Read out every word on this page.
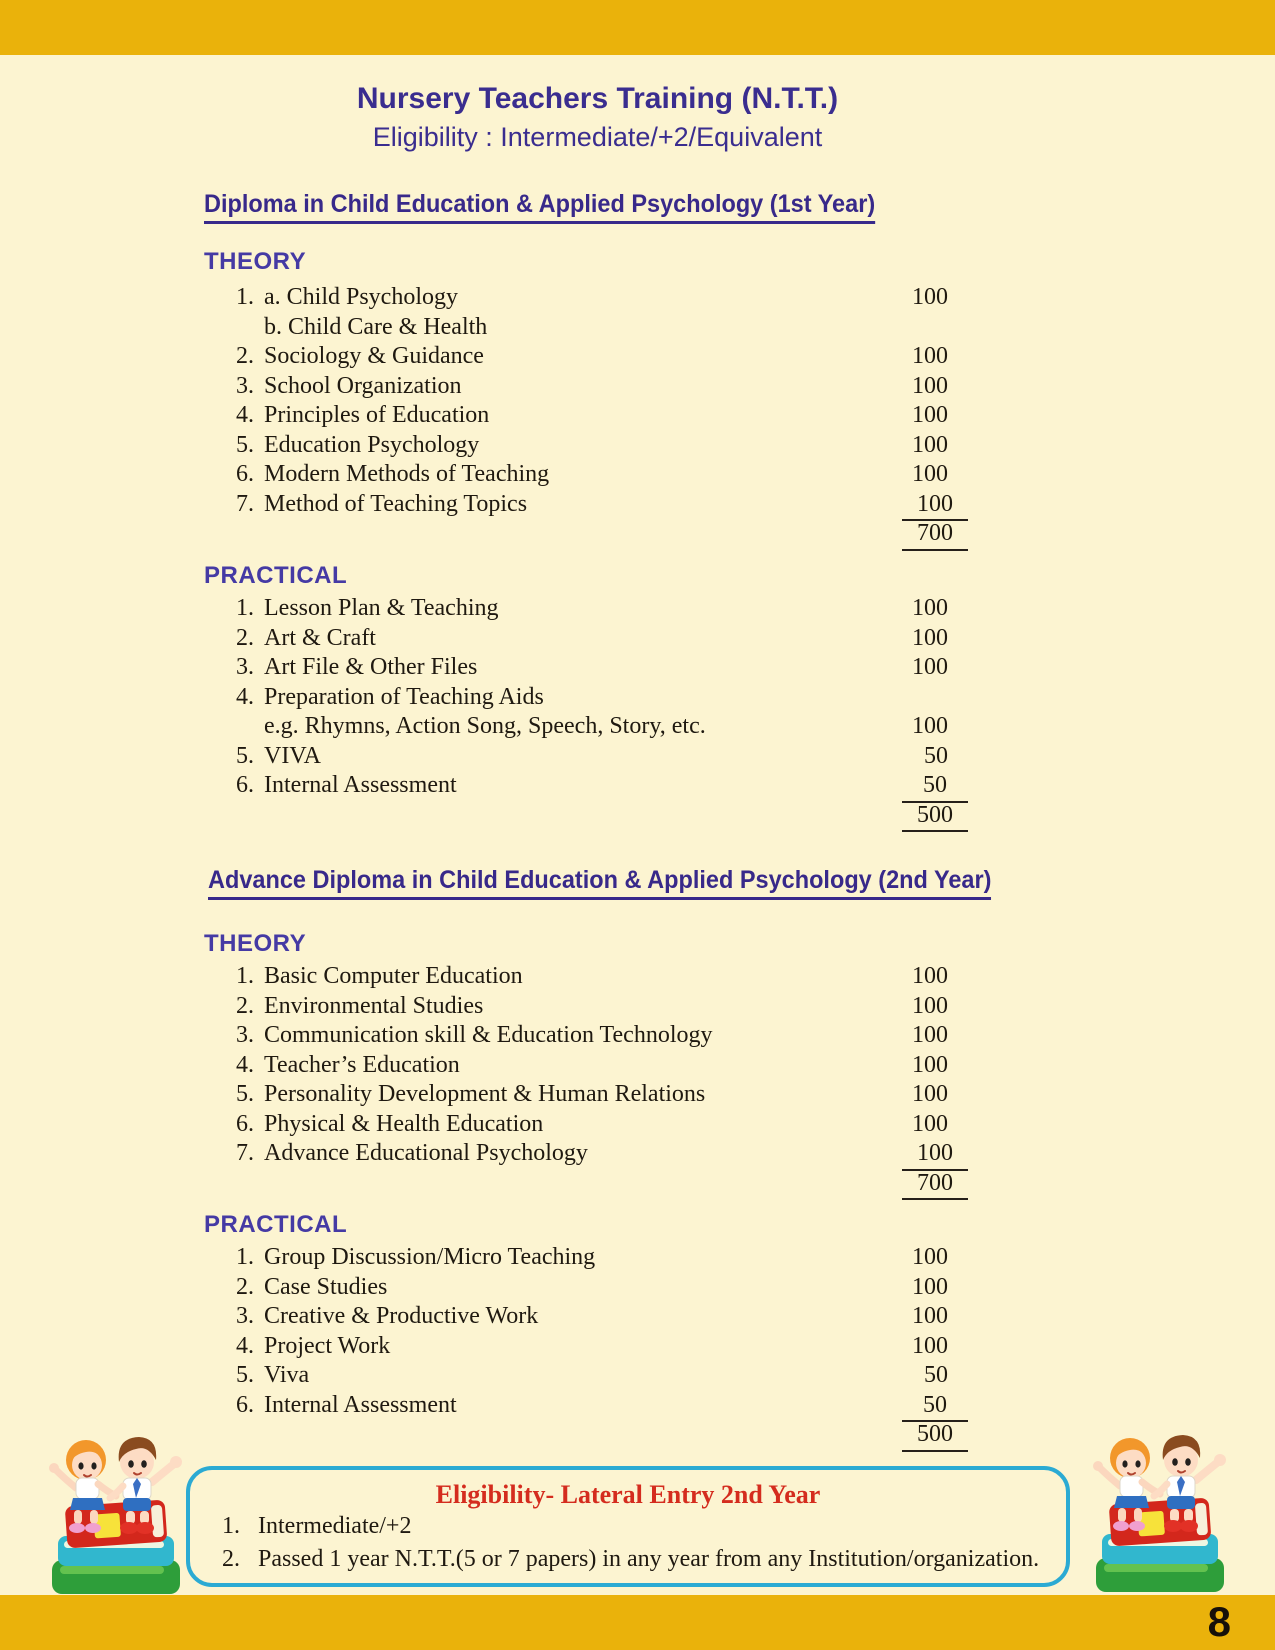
Nursery Teachers Training (N.T.T.)
Eligibility : Intermediate/+2/Equivalent
Diploma in Child Education & Applied Psychology (1st Year)
THEORY
1. a. Child Psychology	100
b. Child Care & Health
2. Sociology & Guidance	100
3. School Organization	100
4. Principles of Education	100
5. Education Psychology	100
6. Modern Methods of Teaching	100
7. Method of Teaching Topics	100
700
PRACTICAL
1. Lesson Plan & Teaching	100
2. Art & Craft	100
3. Art File & Other Files	100
4. Preparation of Teaching Aids
e.g. Rhymns, Action Song, Speech, Story, etc.	100
5. VIVA	50
6. Internal Assessment	50
500
Advance Diploma in Child Education & Applied Psychology (2nd Year)
THEORY
1. Basic Computer Education	100
2. Environmental Studies	100
3. Communication skill & Education Technology	100
4. Teacher’s Education	100
5. Personality Development & Human Relations	100
6. Physical & Health Education	100
7. Advance Educational Psychology	100
700
PRACTICAL
1. Group Discussion/Micro Teaching	100
2. Case Studies	100
3. Creative & Productive Work	100
4. Project Work	100
5. Viva	50
6. Internal Assessment	50
500
Eligibility- Lateral Entry 2nd Year
1. Intermediate/+2
2. Passed 1 year N.T.T.(5 or 7 papers) in any year from any Institution/organization.
8
